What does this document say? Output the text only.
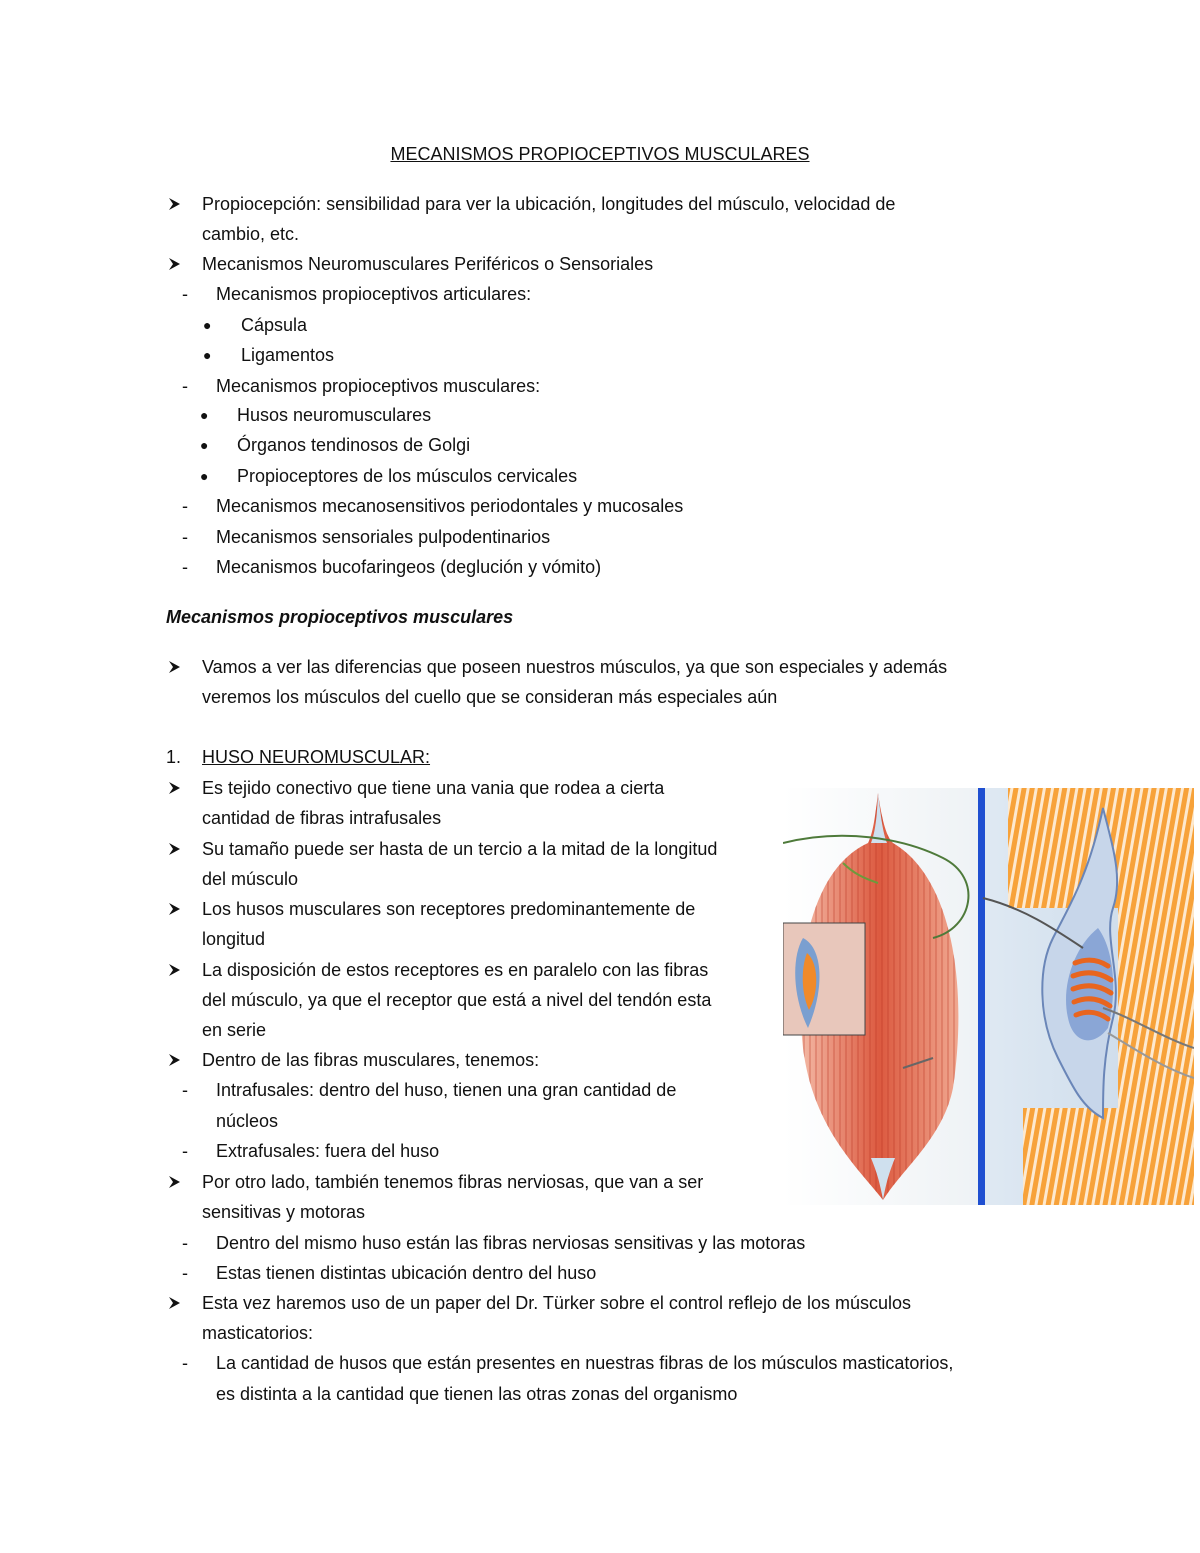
MECANISMOS PROPIOCEPTIVOS MUSCULARES
Propiocepción: sensibilidad para ver la ubicación, longitudes del músculo, velocidad de
cambio, etc.
Mecanismos Neuromusculares Periféricos o Sensoriales
- Mecanismos propioceptivos articulares:
● Cápsula
● Ligamentos
- Mecanismos propioceptivos musculares:
● Husos neuromusculares
● Órganos tendinosos de Golgi
● Propioceptores de los músculos cervicales
- Mecanismos mecanosensitivos periodontales y mucosales
- Mecanismos sensoriales pulpodentinarios
- Mecanismos bucofaringeos (deglución y vómito)
Mecanismos propioceptivos musculares
Vamos a ver las diferencias que poseen nuestros músculos, ya que son especiales y además
veremos los músculos del cuello que se consideran más especiales aún
1. HUSO NEUROMUSCULAR:
Es tejido conectivo que tiene una vania que rodea a cierta
cantidad de fibras intrafusales
Su tamaño puede ser hasta de un tercio a la mitad de la longitud
del músculo
Los husos musculares son receptores predominantemente de
longitud
La disposición de estos receptores es en paralelo con las fibras
del músculo, ya que el receptor que está a nivel del tendón esta
en serie
Dentro de las fibras musculares, tenemos:
- Intrafusales: dentro del huso, tienen una gran cantidad de
núcleos
- Extrafusales: fuera del huso
Por otro lado, también tenemos fibras nerviosas, que van a ser
sensitivas y motoras
- Dentro del mismo huso están las fibras nerviosas sensitivas y las motoras
- Estas tienen distintas ubicación dentro del huso
Esta vez haremos uso de un paper del Dr. Türker sobre el control reflejo de los músculos
masticatorios:
- La cantidad de husos que están presentes en nuestras fibras de los músculos masticatorios,
es distinta a la cantidad que tienen las otras zonas del organismo
